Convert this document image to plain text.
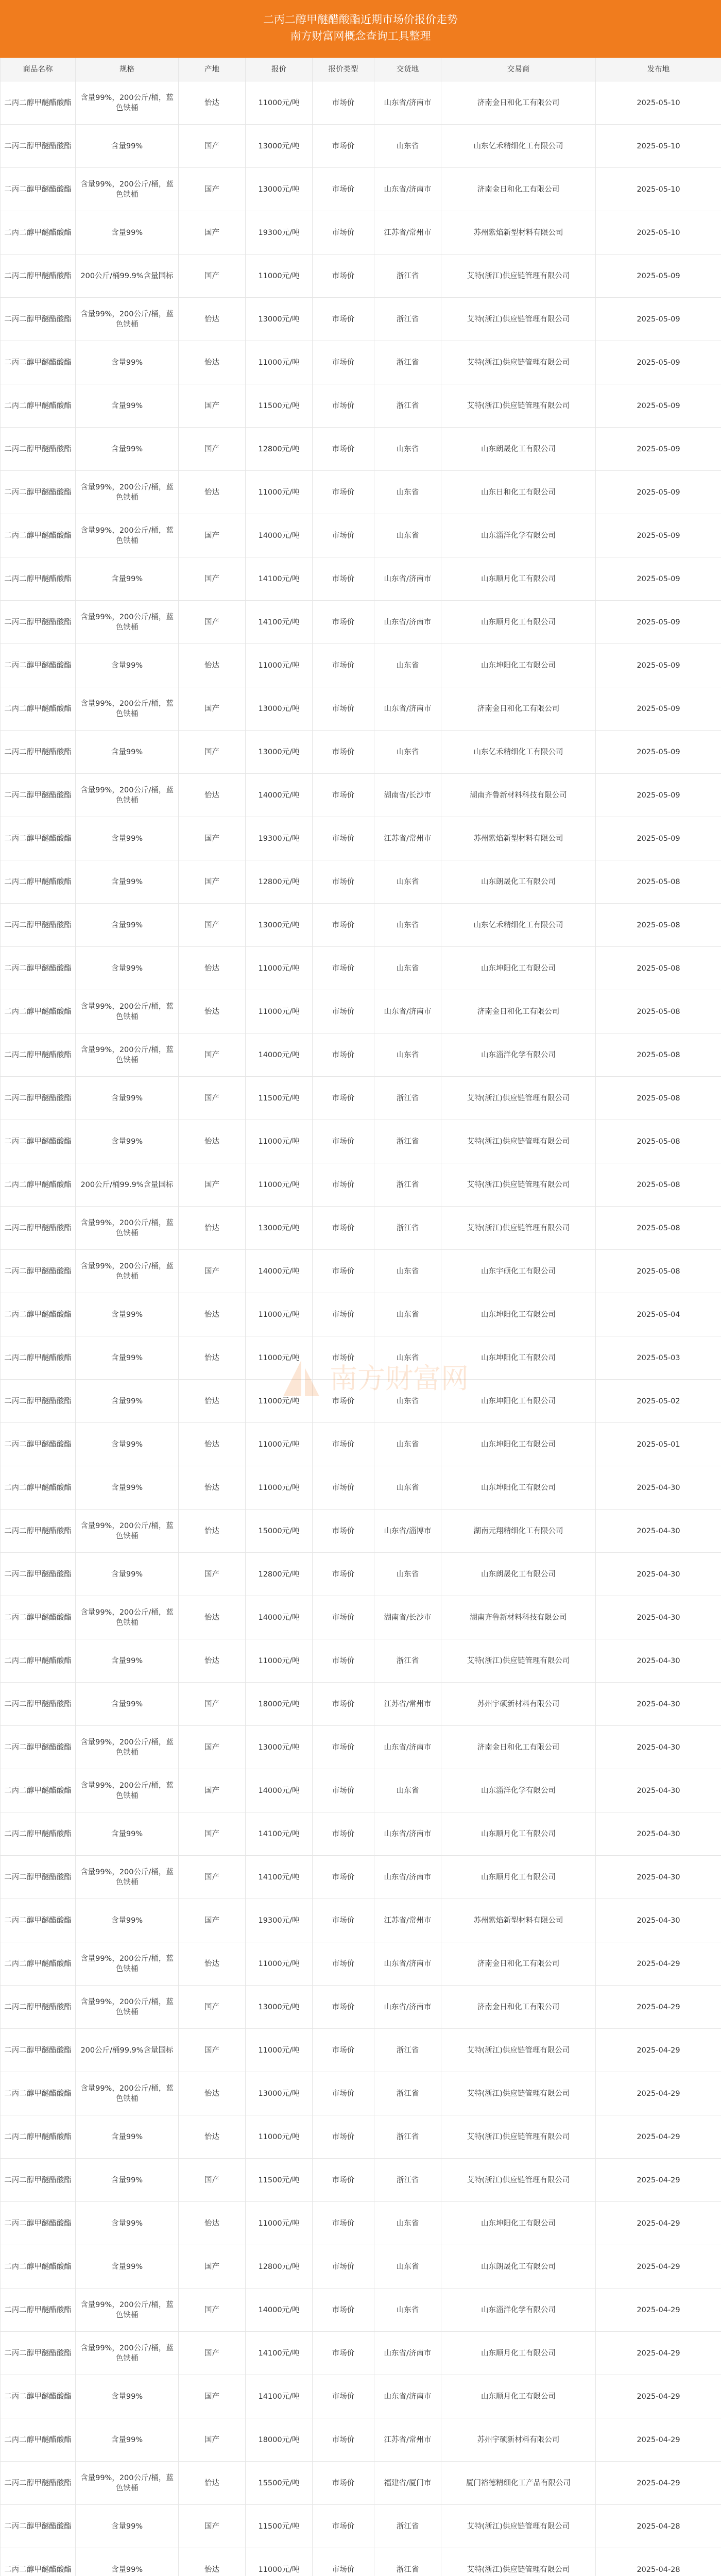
二丙二醇甲醚醋酸酯近期市场价报价走势
南方财富网概念查询工具整理
商品名称	规格	产地	报价	报价类型	交货地	交易商	发布地
二丙二醇甲醚醋酸酯	含量99%，200公斤/桶，蓝色铁桶	怡达	11000元/吨	市场价	山东省/济南市	济南金日和化工有限公司	2025-05-10
二丙二醇甲醚醋酸酯	含量99%	国产	13000元/吨	市场价	山东省	山东亿禾精细化工有限公司	2025-05-10
二丙二醇甲醚醋酸酯	含量99%，200公斤/桶，蓝色铁桶	国产	13000元/吨	市场价	山东省/济南市	济南金日和化工有限公司	2025-05-10
二丙二醇甲醚醋酸酯	含量99%	国产	19300元/吨	市场价	江苏省/常州市	苏州紫焰新型材料有限公司	2025-05-10
二丙二醇甲醚醋酸酯	200公斤/桶99.9%含量国标	国产	11000元/吨	市场价	浙江省	艾特(浙江)供应链管理有限公司	2025-05-09
二丙二醇甲醚醋酸酯	含量99%，200公斤/桶，蓝色铁桶	怡达	13000元/吨	市场价	浙江省	艾特(浙江)供应链管理有限公司	2025-05-09
二丙二醇甲醚醋酸酯	含量99%	怡达	11000元/吨	市场价	浙江省	艾特(浙江)供应链管理有限公司	2025-05-09
二丙二醇甲醚醋酸酯	含量99%	国产	11500元/吨	市场价	浙江省	艾特(浙江)供应链管理有限公司	2025-05-09
二丙二醇甲醚醋酸酯	含量99%	国产	12800元/吨	市场价	山东省	山东朗晟化工有限公司	2025-05-09
二丙二醇甲醚醋酸酯	含量99%，200公斤/桶，蓝色铁桶	怡达	11000元/吨	市场价	山东省	山东日和化工有限公司	2025-05-09
二丙二醇甲醚醋酸酯	含量99%，200公斤/桶，蓝色铁桶	国产	14000元/吨	市场价	山东省	山东淄洋化学有限公司	2025-05-09
二丙二醇甲醚醋酸酯	含量99%	国产	14100元/吨	市场价	山东省/济南市	山东顺月化工有限公司	2025-05-09
二丙二醇甲醚醋酸酯	含量99%，200公斤/桶，蓝色铁桶	国产	14100元/吨	市场价	山东省/济南市	山东顺月化工有限公司	2025-05-09
二丙二醇甲醚醋酸酯	含量99%	怡达	11000元/吨	市场价	山东省	山东坤阳化工有限公司	2025-05-09
二丙二醇甲醚醋酸酯	含量99%，200公斤/桶，蓝色铁桶	国产	13000元/吨	市场价	山东省/济南市	济南金日和化工有限公司	2025-05-09
二丙二醇甲醚醋酸酯	含量99%	国产	13000元/吨	市场价	山东省	山东亿禾精细化工有限公司	2025-05-09
二丙二醇甲醚醋酸酯	含量99%，200公斤/桶，蓝色铁桶	怡达	14000元/吨	市场价	湖南省/长沙市	湖南齐鲁新材料科技有限公司	2025-05-09
二丙二醇甲醚醋酸酯	含量99%	国产	19300元/吨	市场价	江苏省/常州市	苏州紫焰新型材料有限公司	2025-05-09
二丙二醇甲醚醋酸酯	含量99%	国产	12800元/吨	市场价	山东省	山东朗晟化工有限公司	2025-05-08
二丙二醇甲醚醋酸酯	含量99%	国产	13000元/吨	市场价	山东省	山东亿禾精细化工有限公司	2025-05-08
二丙二醇甲醚醋酸酯	含量99%	怡达	11000元/吨	市场价	山东省	山东坤阳化工有限公司	2025-05-08
二丙二醇甲醚醋酸酯	含量99%，200公斤/桶，蓝色铁桶	怡达	11000元/吨	市场价	山东省/济南市	济南金日和化工有限公司	2025-05-08
二丙二醇甲醚醋酸酯	含量99%，200公斤/桶，蓝色铁桶	国产	14000元/吨	市场价	山东省	山东淄洋化学有限公司	2025-05-08
二丙二醇甲醚醋酸酯	含量99%	国产	11500元/吨	市场价	浙江省	艾特(浙江)供应链管理有限公司	2025-05-08
二丙二醇甲醚醋酸酯	含量99%	怡达	11000元/吨	市场价	浙江省	艾特(浙江)供应链管理有限公司	2025-05-08
二丙二醇甲醚醋酸酯	200公斤/桶99.9%含量国标	国产	11000元/吨	市场价	浙江省	艾特(浙江)供应链管理有限公司	2025-05-08
二丙二醇甲醚醋酸酯	含量99%，200公斤/桶，蓝色铁桶	怡达	13000元/吨	市场价	浙江省	艾特(浙江)供应链管理有限公司	2025-05-08
二丙二醇甲醚醋酸酯	含量99%，200公斤/桶，蓝色铁桶	国产	14000元/吨	市场价	山东省	山东宇硕化工有限公司	2025-05-08
二丙二醇甲醚醋酸酯	含量99%	怡达	11000元/吨	市场价	山东省	山东坤阳化工有限公司	2025-05-04
二丙二醇甲醚醋酸酯	含量99%	怡达	11000元/吨	市场价	山东省	山东坤阳化工有限公司	2025-05-03
二丙二醇甲醚醋酸酯	含量99%	怡达	11000元/吨	市场价	山东省	山东坤阳化工有限公司	2025-05-02
二丙二醇甲醚醋酸酯	含量99%	怡达	11000元/吨	市场价	山东省	山东坤阳化工有限公司	2025-05-01
二丙二醇甲醚醋酸酯	含量99%	怡达	11000元/吨	市场价	山东省	山东坤阳化工有限公司	2025-04-30
二丙二醇甲醚醋酸酯	含量99%，200公斤/桶，蓝色铁桶	怡达	15000元/吨	市场价	山东省/淄博市	湖南元翔精细化工有限公司	2025-04-30
二丙二醇甲醚醋酸酯	含量99%	国产	12800元/吨	市场价	山东省	山东朗晟化工有限公司	2025-04-30
二丙二醇甲醚醋酸酯	含量99%，200公斤/桶，蓝色铁桶	怡达	14000元/吨	市场价	湖南省/长沙市	湖南齐鲁新材料科技有限公司	2025-04-30
二丙二醇甲醚醋酸酯	含量99%	怡达	11000元/吨	市场价	浙江省	艾特(浙江)供应链管理有限公司	2025-04-30
二丙二醇甲醚醋酸酯	含量99%	国产	18000元/吨	市场价	江苏省/常州市	苏州宇硕新材料有限公司	2025-04-30
二丙二醇甲醚醋酸酯	含量99%，200公斤/桶，蓝色铁桶	国产	13000元/吨	市场价	山东省/济南市	济南金日和化工有限公司	2025-04-30
二丙二醇甲醚醋酸酯	含量99%，200公斤/桶，蓝色铁桶	国产	14000元/吨	市场价	山东省	山东淄洋化学有限公司	2025-04-30
二丙二醇甲醚醋酸酯	含量99%	国产	14100元/吨	市场价	山东省/济南市	山东顺月化工有限公司	2025-04-30
二丙二醇甲醚醋酸酯	含量99%，200公斤/桶，蓝色铁桶	国产	14100元/吨	市场价	山东省/济南市	山东顺月化工有限公司	2025-04-30
二丙二醇甲醚醋酸酯	含量99%	国产	19300元/吨	市场价	江苏省/常州市	苏州紫焰新型材料有限公司	2025-04-30
二丙二醇甲醚醋酸酯	含量99%，200公斤/桶，蓝色铁桶	怡达	11000元/吨	市场价	山东省/济南市	济南金日和化工有限公司	2025-04-29
二丙二醇甲醚醋酸酯	含量99%，200公斤/桶，蓝色铁桶	国产	13000元/吨	市场价	山东省/济南市	济南金日和化工有限公司	2025-04-29
二丙二醇甲醚醋酸酯	200公斤/桶99.9%含量国标	国产	11000元/吨	市场价	浙江省	艾特(浙江)供应链管理有限公司	2025-04-29
二丙二醇甲醚醋酸酯	含量99%，200公斤/桶，蓝色铁桶	怡达	13000元/吨	市场价	浙江省	艾特(浙江)供应链管理有限公司	2025-04-29
二丙二醇甲醚醋酸酯	含量99%	怡达	11000元/吨	市场价	浙江省	艾特(浙江)供应链管理有限公司	2025-04-29
二丙二醇甲醚醋酸酯	含量99%	国产	11500元/吨	市场价	浙江省	艾特(浙江)供应链管理有限公司	2025-04-29
二丙二醇甲醚醋酸酯	含量99%	怡达	11000元/吨	市场价	山东省	山东坤阳化工有限公司	2025-04-29
二丙二醇甲醚醋酸酯	含量99%	国产	12800元/吨	市场价	山东省	山东朗晟化工有限公司	2025-04-29
二丙二醇甲醚醋酸酯	含量99%，200公斤/桶，蓝色铁桶	国产	14000元/吨	市场价	山东省	山东淄洋化学有限公司	2025-04-29
二丙二醇甲醚醋酸酯	含量99%，200公斤/桶，蓝色铁桶	国产	14100元/吨	市场价	山东省/济南市	山东顺月化工有限公司	2025-04-29
二丙二醇甲醚醋酸酯	含量99%	国产	14100元/吨	市场价	山东省/济南市	山东顺月化工有限公司	2025-04-29
二丙二醇甲醚醋酸酯	含量99%	国产	18000元/吨	市场价	江苏省/常州市	苏州宇硕新材料有限公司	2025-04-29
二丙二醇甲醚醋酸酯	含量99%，200公斤/桶，蓝色铁桶	怡达	15500元/吨	市场价	福建省/厦门市	厦门裕德精细化工产品有限公司	2025-04-29
二丙二醇甲醚醋酸酯	含量99%	国产	11500元/吨	市场价	浙江省	艾特(浙江)供应链管理有限公司	2025-04-28
二丙二醇甲醚醋酸酯	含量99%	怡达	11000元/吨	市场价	浙江省	艾特(浙江)供应链管理有限公司	2025-04-28

南方财富网
